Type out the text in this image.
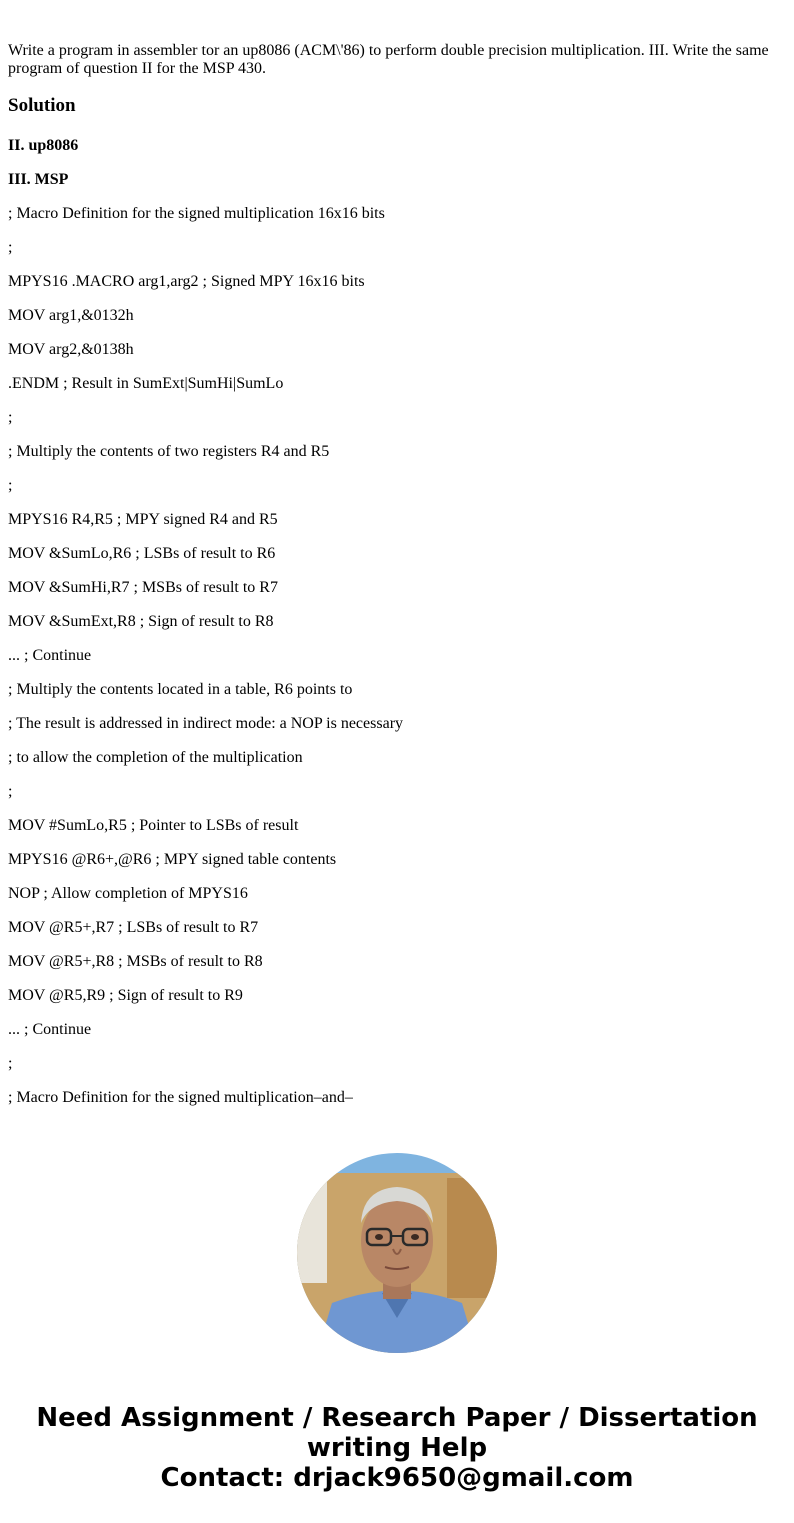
Write a program in assembler tor an up8086 (ACM\'86) to perform double precision multiplication. III. Write the same program of question II for the MSP 430.

Solution

II. up8086

III. MSP

; Macro Definition for the signed multiplication 16x16 bits

;

MPYS16 .MACRO arg1,arg2 ; Signed MPY 16x16 bits

MOV arg1,&0132h

MOV arg2,&0138h

.ENDM ; Result in SumExt|SumHi|SumLo

;

; Multiply the contents of two registers R4 and R5

;

MPYS16 R4,R5 ; MPY signed R4 and R5

MOV &SumLo,R6 ; LSBs of result to R6

MOV &SumHi,R7 ; MSBs of result to R7

MOV &SumExt,R8 ; Sign of result to R8

... ; Continue

; Multiply the contents located in a table, R6 points to

; The result is addressed in indirect mode: a NOP is necessary

; to allow the completion of the multiplication

;

MOV #SumLo,R5 ; Pointer to LSBs of result

MPYS16 @R6+,@R6 ; MPY signed table contents

NOP ; Allow completion of MPYS16

MOV @R5+,R7 ; LSBs of result to R7

MOV @R5+,R8 ; MSBs of result to R8

MOV @R5,R9 ; Sign of result to R9

... ; Continue

;

; Macro Definition for the signed multiplication–and–

Need Assignment / Research Paper / Dissertation
writing Help
Contact: drjack9650@gmail.com
